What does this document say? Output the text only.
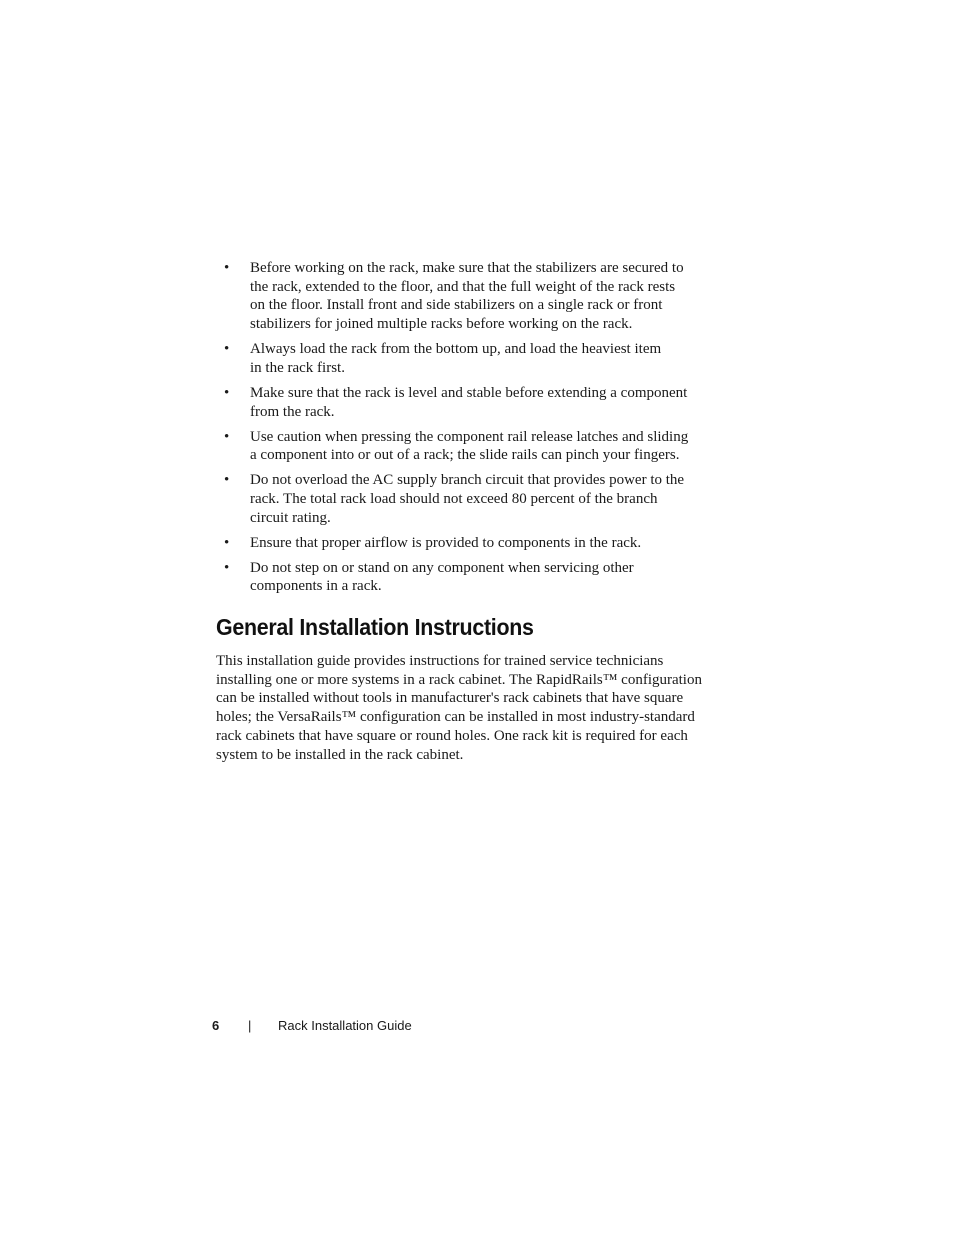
• Before working on the rack, make sure that the stabilizers are secured to
the rack, extended to the floor, and that the full weight of the rack rests
on the floor. Install front and side stabilizers on a single rack or front
stabilizers for joined multiple racks before working on the rack.
• Always load the rack from the bottom up, and load the heaviest item
in the rack first.
• Make sure that the rack is level and stable before extending a component
from the rack.
• Use caution when pressing the component rail release latches and sliding
a component into or out of a rack; the slide rails can pinch your fingers.
• Do not overload the AC supply branch circuit that provides power to the
rack. The total rack load should not exceed 80 percent of the branch
circuit rating.
• Ensure that proper airflow is provided to components in the rack.
• Do not step on or stand on any component when servicing other
components in a rack.
General Installation Instructions

This installation guide provides instructions for trained service technicians
installing one or more systems in a rack cabinet. The RapidRails™ configuration
can be installed without tools in manufacturer's rack cabinets that have square
holes; the VersaRails™ configuration can be installed in most industry-standard
rack cabinets that have square or round holes. One rack kit is required for each
system to be installed in the rack cabinet.

6 | Rack Installation Guide
